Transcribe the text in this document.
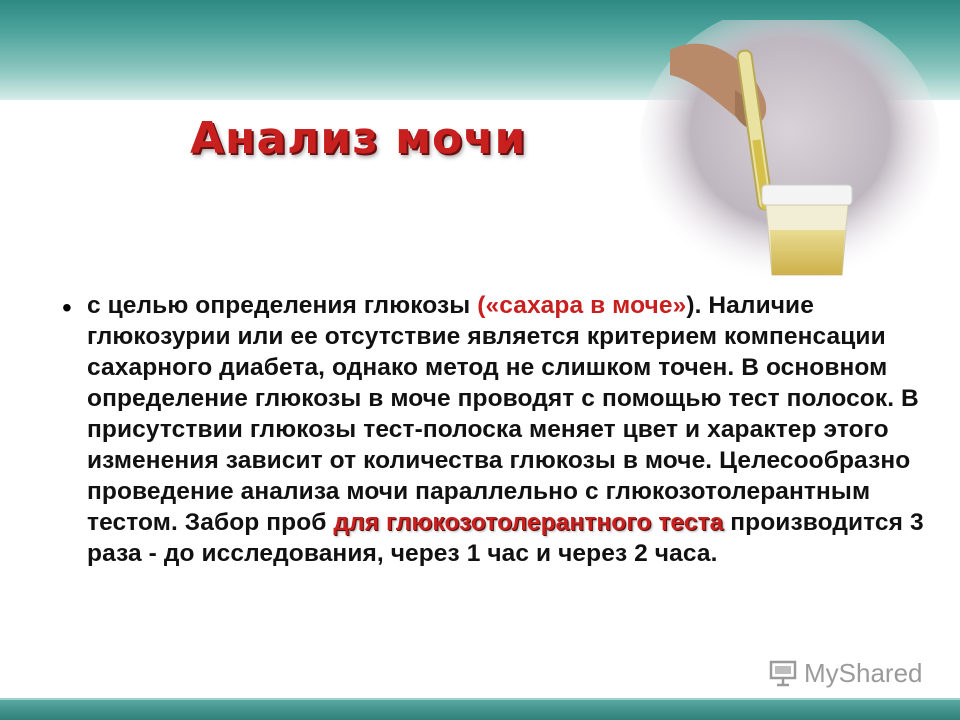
Анализ мочи
• с целью определения глюкозы («сахара в моче»). Наличие глюкозурии или ее отсутствие является критерием компенсации сахарного диабета, однако метод не слишком точен. В основном определение глюкозы в моче проводят с помощью тест полосок. В присутствии глюкозы тест-полоска меняет цвет и характер этого изменения зависит от количества глюкозы в моче. Целесообразно проведение анализа мочи параллельно с глюкозотолерантным тестом. Забор проб для глюкозотолерантного теста производится 3 раза - до исследования, через 1 час и через 2 часа.

MyShared
